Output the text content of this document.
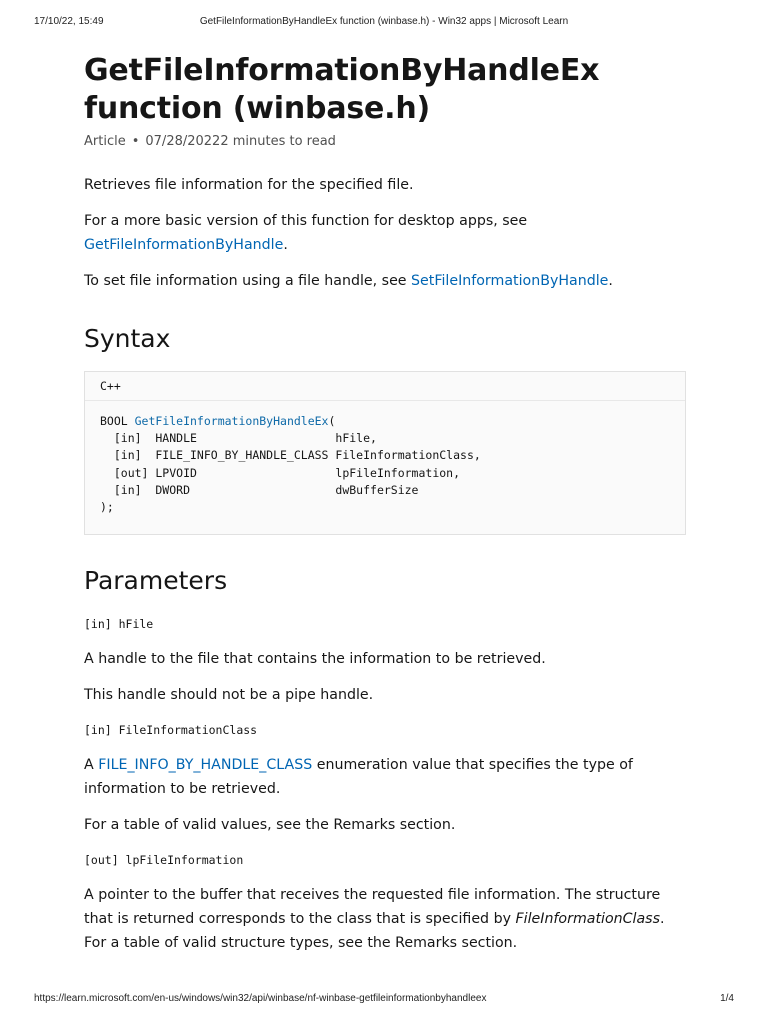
17/10/22, 15:49	GetFileInformationByHandleEx function (winbase.h) - Win32 apps | Microsoft Learn
GetFileInformationByHandleEx function (winbase.h)
Article • 07/28/20222 minutes to read

Retrieves file information for the specified file.

For a more basic version of this function for desktop apps, see
GetFileInformationByHandle.

To set file information using a file handle, see SetFileInformationByHandle.

Syntax
C++
BOOL GetFileInformationByHandleEx(
[in]  HANDLE                    hFile,
[in]  FILE_INFO_BY_HANDLE_CLASS FileInformationClass,
[out] LPVOID                    lpFileInformation,
[in]  DWORD                     dwBufferSize
);
Parameters
[in] hFile

A handle to the file that contains the information to be retrieved.

This handle should not be a pipe handle.

[in] FileInformationClass

A FILE_INFO_BY_HANDLE_CLASS enumeration value that specifies the type of information to be retrieved.

For a table of valid values, see the Remarks section.

[out] lpFileInformation

A pointer to the buffer that receives the requested file information. The structure that is returned corresponds to the class that is specified by FileInformationClass. For a table of valid structure types, see the Remarks section.

https://learn.microsoft.com/en-us/windows/win32/api/winbase/nf-winbase-getfileinformationbyhandleex	1/4
